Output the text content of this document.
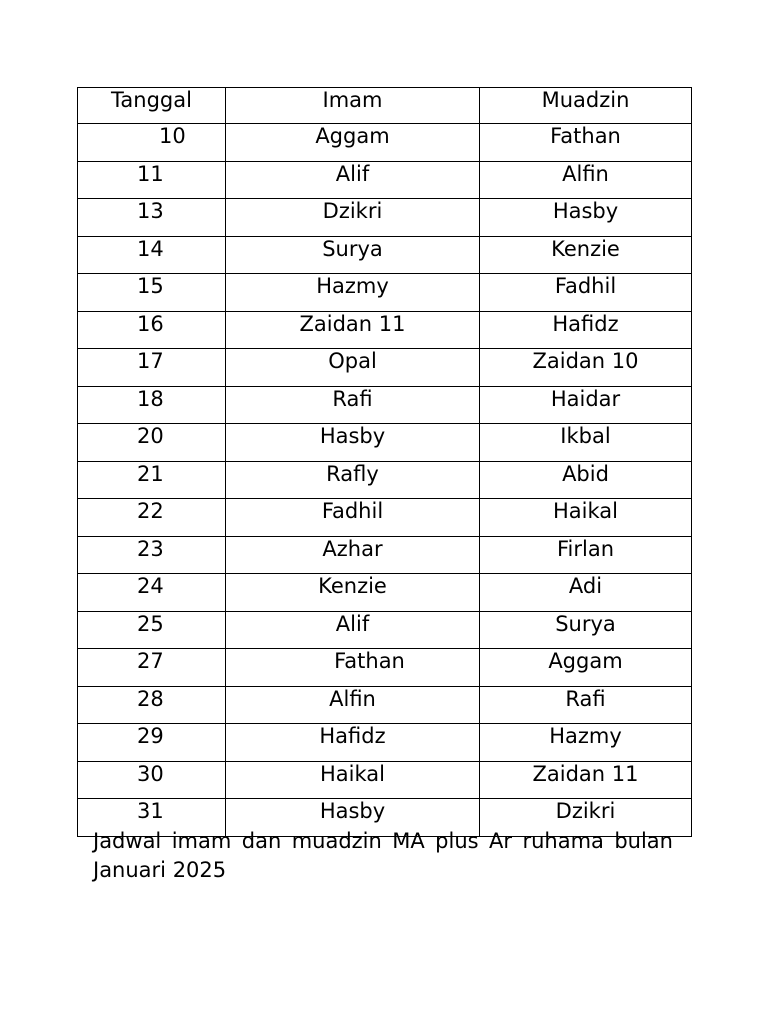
Tanggal	Imam	Muadzin
10	Aggam	Fathan
11	Alif	Alfin
13	Dzikri	Hasby
14	Surya	Kenzie
15	Hazmy	Fadhil
16	Zaidan 11	Hafidz
17	Opal	Zaidan 10
18	Rafi	Haidar
20	Hasby	Ikbal
21	Rafly	Abid
22	Fadhil	Haikal
23	Azhar	Firlan
24	Kenzie	Adi
25	Alif	Surya
27	Fathan	Aggam
28	Alfin	Rafi
29	Hafidz	Hazmy
30	Haikal	Zaidan 11
31	Hasby	Dzikri
Jadwal imam dan muadzin MA plus Ar ruhama bulan Januari 2025
